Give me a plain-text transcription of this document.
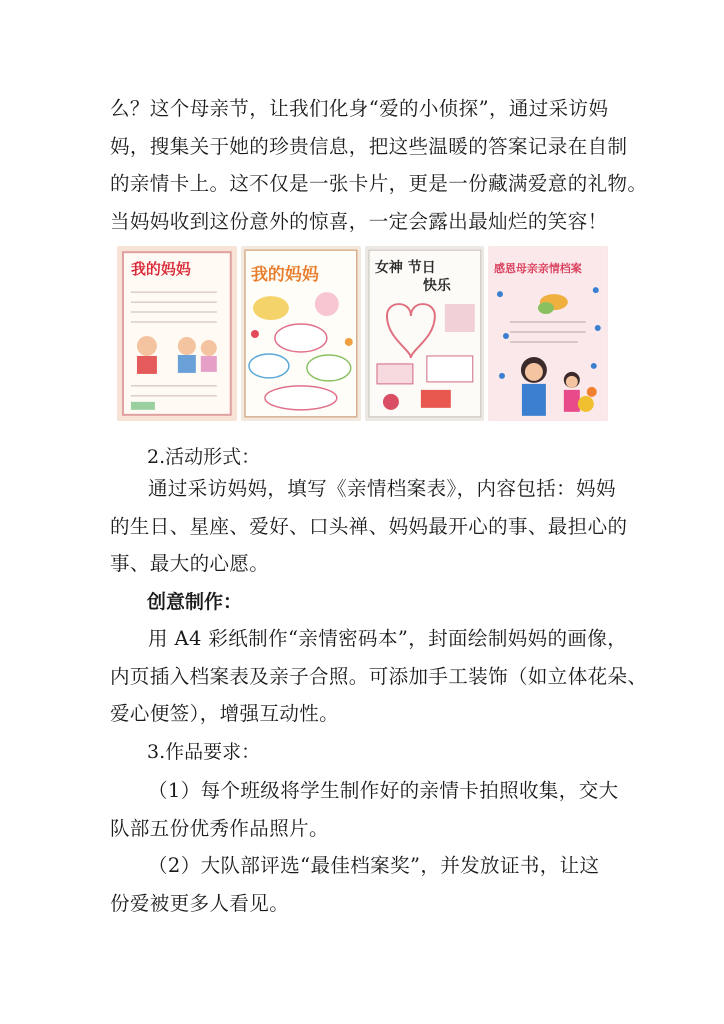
么？这个母亲节，让我们化身“爱的小侦探”，通过采访妈
妈，搜集关于她的珍贵信息，把这些温暖的答案记录在自制
的亲情卡上。这不仅是一张卡片，更是一份藏满爱意的礼物。
当妈妈收到这份意外的惊喜，一定会露出最灿烂的笑容！
我的妈妈	我的妈妈	女神 节日
快乐
感恩母亲亲情档案

2.活动形式：

通过采访妈妈，填写《亲情档案表》，内容包括：妈妈
的生日、星座、爱好、口头禅、妈妈最开心的事、最担心的
事、最大的心愿。

创意制作：

用 A4 彩纸制作“亲情密码本”，封面绘制妈妈的画像，
内页插入档案表及亲子合照。可添加手工装饰（如立体花朵、
爱心便签），增强互动性。

3.作品要求：

（1）每个班级将学生制作好的亲情卡拍照收集，交大
队部五份优秀作品照片。
（2）大队部评选“最佳档案奖”，并发放证书，让这
份爱被更多人看见。
